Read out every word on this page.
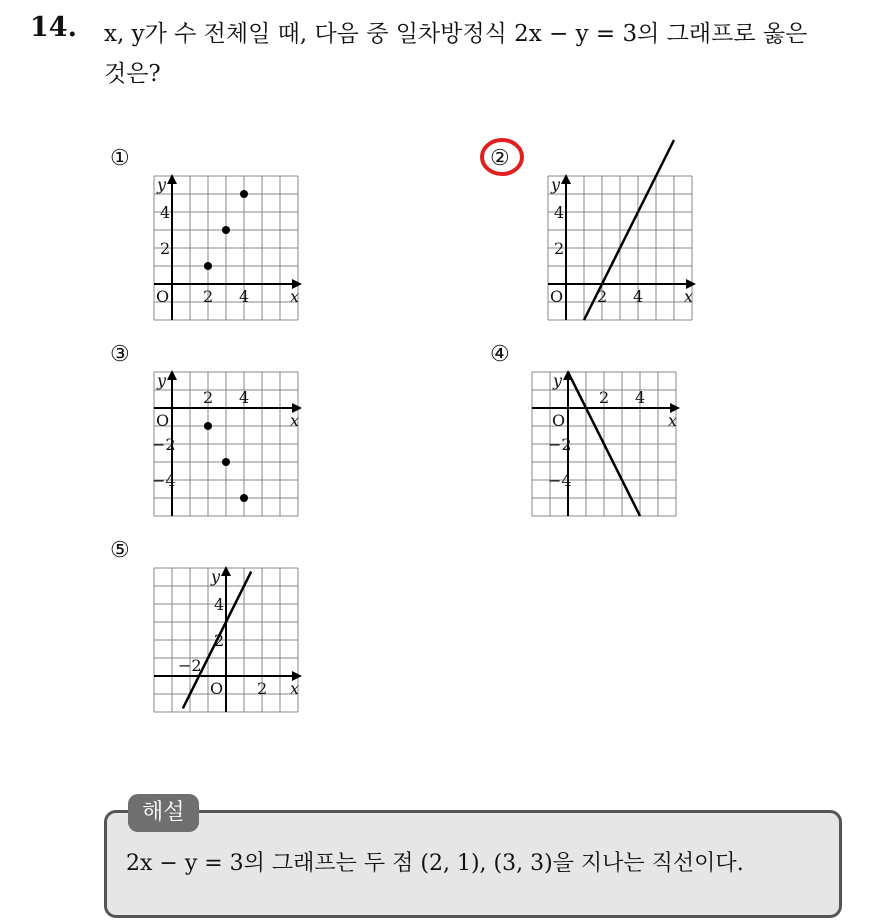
14. x, y가 수 전체일 때, 다음 중 일차방정식 2x − y = 3의 그래프로 옳은
것은?
①	②
③	④
⑤
x
y
O 2 4
2
4
x
y
O 2 4
2
4
x
y
O
2 4
−2
−4
x
y
O
2 4
−2
−4
x
y
O
−2
2
2
4
해설
2x − y = 3의 그래프는 두 점 (2, 1), (3, 3)을 지나는 직선이다.
